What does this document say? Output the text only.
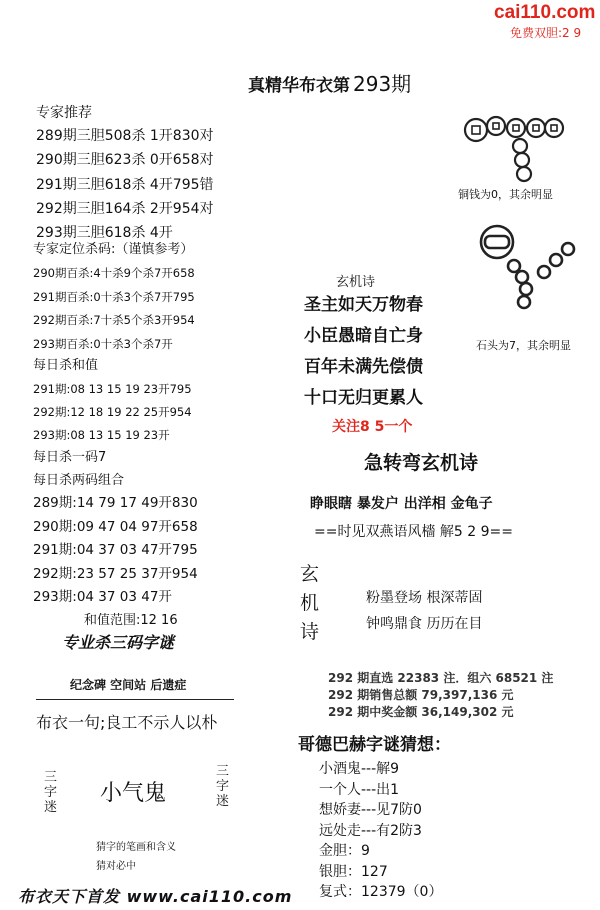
cai110.com
免费双胆:2 9
真精华布衣第 293期
专家推荐
289期三胆508杀 1开830对
290期三胆623杀 0开658对
291期三胆618杀 4开795错
292期三胆164杀 2开954对
293期三胆618杀 4开
专家定位杀码:（谨慎参考）
290期百杀:4十杀9个杀7开658
291期百杀:0十杀3个杀7开795
292期百杀:7十杀5个杀3开954
293期百杀:0十杀3个杀7开
每日杀和值
291期:08 13 15 19 23开795
292期:12 18 19 22 25开954
293期:08 13 15 19 23开
每日杀一码7
每日杀两码组合
289期:14 79 17 49开830
290期:09 47 04 97开658
291期:04 37 03 47开795
292期:23 57 25 37开954
293期:04 37 03 47开
和值范围:12 16
专业杀三码字谜
纪念碑 空间站 后遗症
布衣一句;良工不示人以朴
三字迷
小气鬼
三字迷
猜字的笔画和含义
猜对必中
布衣天下首发 www.cai110.com
铜钱为0，其余明显
石头为7，其余明显
玄机诗
圣主如天万物春
小臣愚暗自亡身
百年未满先偿债
十口无归更累人
关注8 5一个
急转弯玄机诗
睁眼瞎 暴发户 出洋相 金龟子
==时见双燕语风檣 解5 2 9==
玄
机
诗
粉墨登场 根深蒂固
钟鸣鼎食 历历在目
292 期直选 22383 注．组六 68521 注
292 期销售总额 79,397,136 元
292 期中奖金额 36,149,302 元
哥德巴赫字谜猜想：
小酒鬼---解9
一个人---出1
想娇妻---见7防0
远处走---有2防3
金胆：9
银胆：127
复式：12379（0）
